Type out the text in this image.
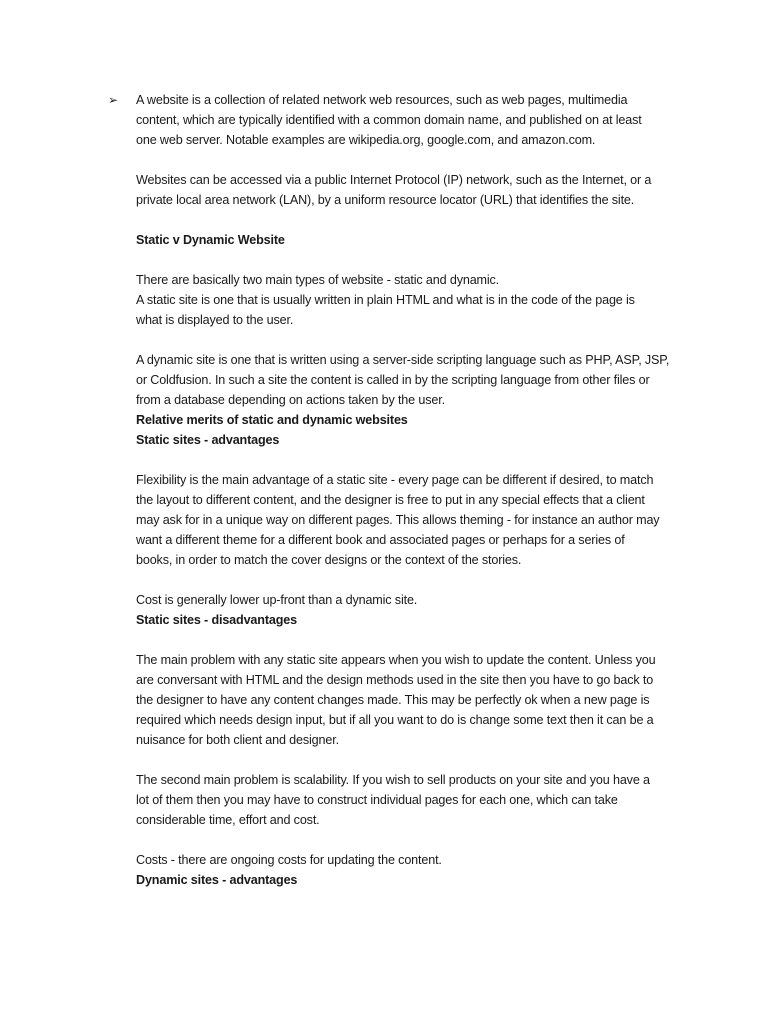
➢	A website is a collection of related network web resources, such as web pages, multimedia
content, which are typically identified with a common domain name, and published on at least
one web server. Notable examples are wikipedia.org, google.com, and amazon.com.

Websites can be accessed via a public Internet Protocol (IP) network, such as the Internet, or a
private local area network (LAN), by a uniform resource locator (URL) that identifies the site.

Static v Dynamic Website

There are basically two main types of website - static and dynamic.
A static site is one that is usually written in plain HTML and what is in the code of the page is
what is displayed to the user.

A dynamic site is one that is written using a server-side scripting language such as PHP, ASP, JSP,
or Coldfusion. In such a site the content is called in by the scripting language from other files or
from a database depending on actions taken by the user.

Relative merits of static and dynamic websites

Static sites - advantages

Flexibility is the main advantage of a static site - every page can be different if desired, to match
the layout to different content, and the designer is free to put in any special effects that a client
may ask for in a unique way on different pages. This allows theming - for instance an author may
want a different theme for a different book and associated pages or perhaps for a series of
books, in order to match the cover designs or the context of the stories.

Cost is generally lower up-front than a dynamic site.

Static sites - disadvantages

The main problem with any static site appears when you wish to update the content. Unless you
are conversant with HTML and the design methods used in the site then you have to go back to
the designer to have any content changes made. This may be perfectly ok when a new page is
required which needs design input, but if all you want to do is change some text then it can be a
nuisance for both client and designer.

The second main problem is scalability. If you wish to sell products on your site and you have a
lot of them then you may have to construct individual pages for each one, which can take
considerable time, effort and cost.

Costs - there are ongoing costs for updating the content.

Dynamic sites - advantages
